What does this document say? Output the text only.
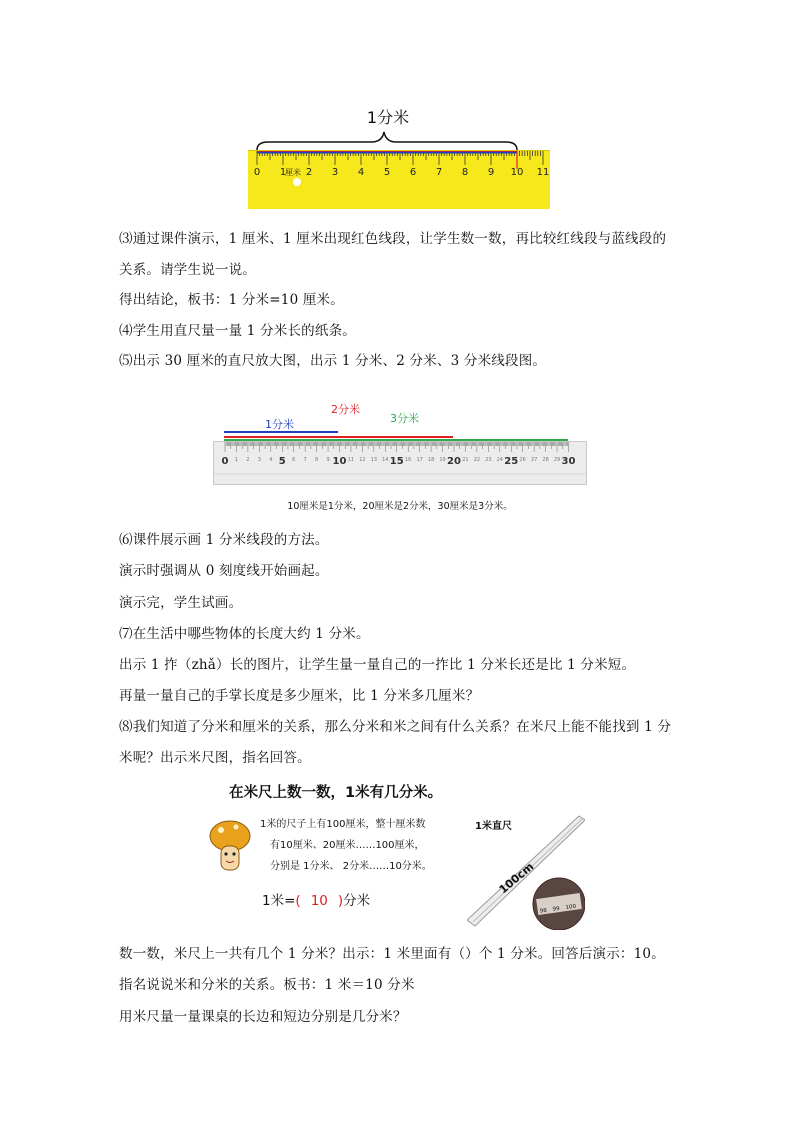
1分米
0 1 2 3 4 5 6 7 8 9 10 11
厘米
⑶通过课件演示，1 厘米、1 厘米出现红色线段，让学生数一数，再比较红线段与蓝线段的
关系。请学生说一说。
得出结论，板书：1 分米=10 厘米。
⑷学生用直尺量一量 1 分米长的纸条。
⑸出示 30 厘米的直尺放大图，出示 1 分米、2 分米、3 分米线段图。
1分米
2分米
3分米
0 1 2 3 4 5 6 7 8 9 10 11 12 13 14 15 16 17 18 19 20 21 22 23 24 25 26 27 28 29 30
10厘米是1分米，20厘米是2分米，30厘米是3分米。
⑹课件展示画 1 分米线段的方法。
演示时强调从 0 刻度线开始画起。
演示完，学生试画。
⑺在生活中哪些物体的长度大约 1 分米。
出示 1 拃（zhǎ）长的图片，让学生量一量自己的一拃比 1 分米长还是比 1 分米短。
再量一量自己的手掌长度是多少厘米，比 1 分米多几厘米？
⑻我们知道了分米和厘米的关系，那么分米和米之间有什么关系？在米尺上能不能找到 1 分
米呢？出示米尺图，指名回答。
在米尺上数一数，1米有几分米。
1米的尺子上有100厘米，整十厘米数
有10厘米、20厘米……100厘米，
分别是 1分米、 2分米……10分米。
1米=( 10 )分米
1米直尺
100cm
98 99 100
数一数，米尺上一共有几个 1 分米？出示：1 米里面有（）个 1 分米。回答后演示：10。
指名说说米和分米的关系。板书：1 米＝10 分米
用米尺量一量课桌的长边和短边分别是几分米？
